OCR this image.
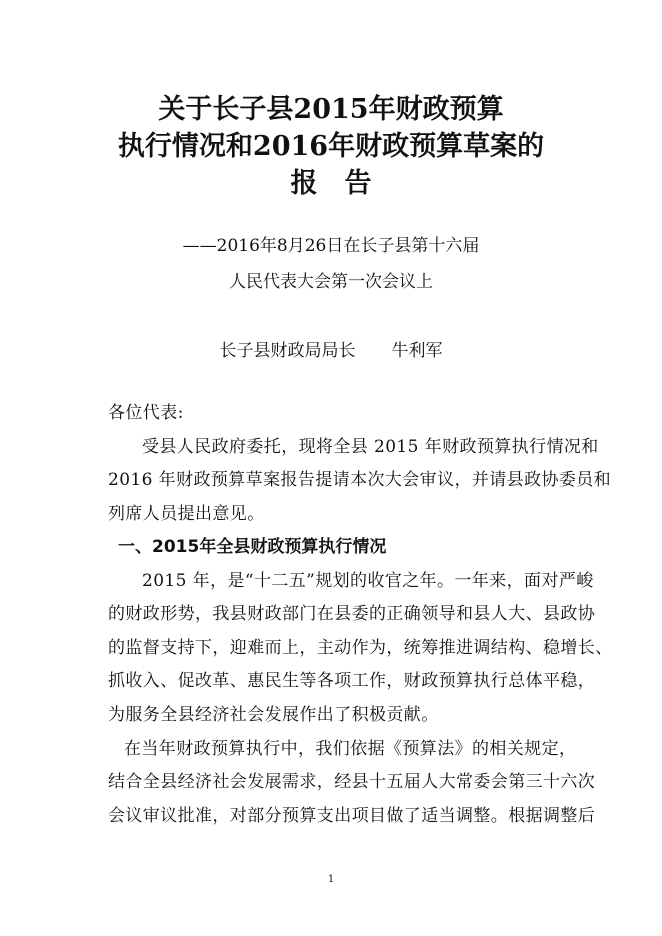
关于长子县2015年财政预算
执行情况和2016年财政预算草案的
报　告
——2016年8月26日在长子县第十六届
人民代表大会第一次会议上
长子县财政局局长 牛利军
各位代表:
受县人民政府委托，现将全县 2015 年财政预算执行情况和
2016 年财政预算草案报告提请本次大会审议，并请县政协委员和
列席人员提出意见。
一、2015年全县财政预算执行情况
2015 年，是“十二五”规划的收官之年。一年来，面对严峻
的财政形势，我县财政部门在县委的正确领导和县人大、县政协
的监督支持下，迎难而上，主动作为，统筹推进调结构、稳增长、
抓收入、促改革、惠民生等各项工作，财政预算执行总体平稳，
为服务全县经济社会发展作出了积极贡献。
在当年财政预算执行中，我们依据《预算法》的相关规定，
结合全县经济社会发展需求，经县十五届人大常委会第三十六次
会议审议批准，对部分预算支出项目做了适当调整。根据调整后
1
